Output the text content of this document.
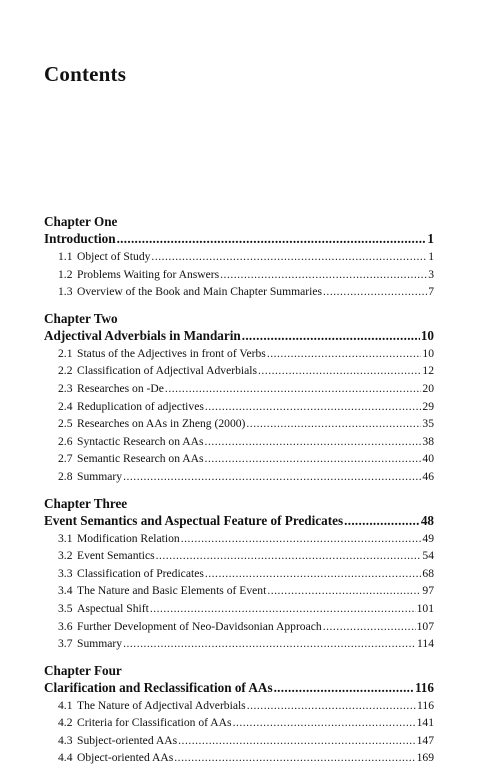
Contents
Chapter One
Introduction .....	1
1.1 Object of Study .....	1
1.2 Problems Waiting for Answers .....	3
1.3 Overview of the Book and Main Chapter Summaries .....	7
Chapter Two
Adjectival Adverbials in Mandarin .....	10
2.1 Status of the Adjectives in front of Verbs .....	10
2.2 Classification of Adjectival Adverbials .....	12
2.3 Researches on -De .....	20
2.4 Reduplication of adjectives .....	29
2.5 Researches on AAs in Zheng (2000) .....	35
2.6 Syntactic Research on AAs .....	38
2.7 Semantic Research on AAs .....	40
2.8 Summary .....	46
Chapter Three
Event Semantics and Aspectual Feature of Predicates .....	48
3.1 Modification Relation .....	49
3.2 Event Semantics .....	54
3.3 Classification of Predicates .....	68
3.4 The Nature and Basic Elements of Event .....	97
3.5 Aspectual Shift .....	101
3.6 Further Development of Neo-Davidsonian Approach .....	107
3.7 Summary .....	114
Chapter Four
Clarification and Reclassification of AAs .....	116
4.1 The Nature of Adjectival Adverbials .....	116
4.2 Criteria for Classification of AAs .....	141
4.3 Subject-oriented AAs .....	147
4.4 Object-oriented AAs .....	169
